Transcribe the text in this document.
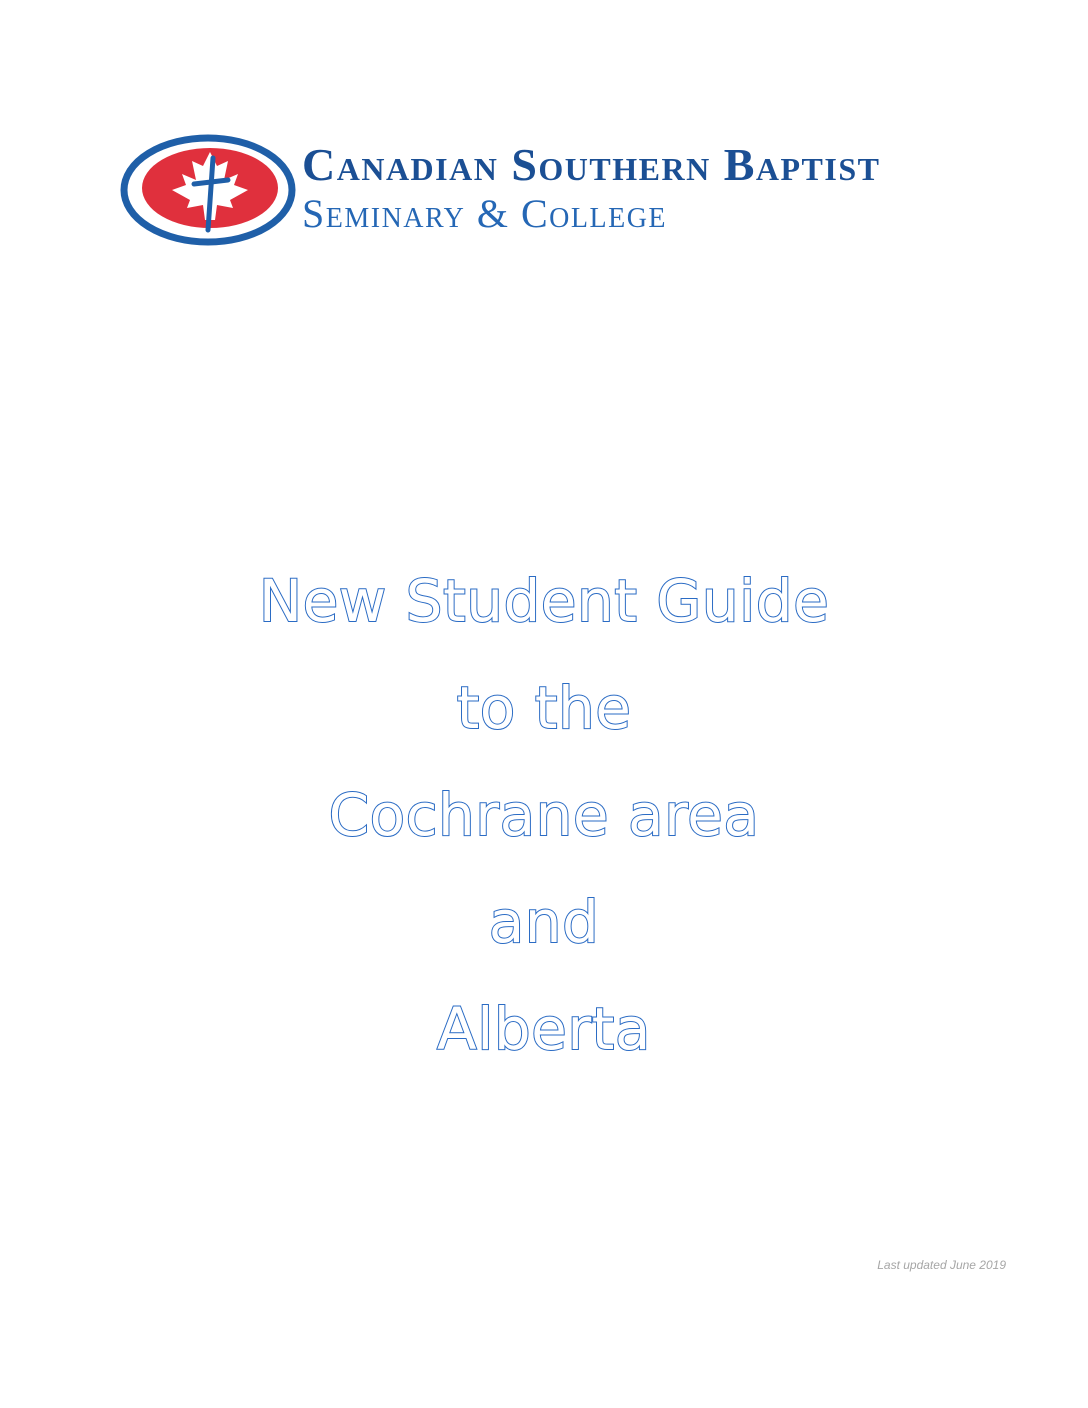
Canadian Southern Baptist
Seminary & College
New Student Guide
to the
Cochrane area
and
Alberta
Last updated June 2019
